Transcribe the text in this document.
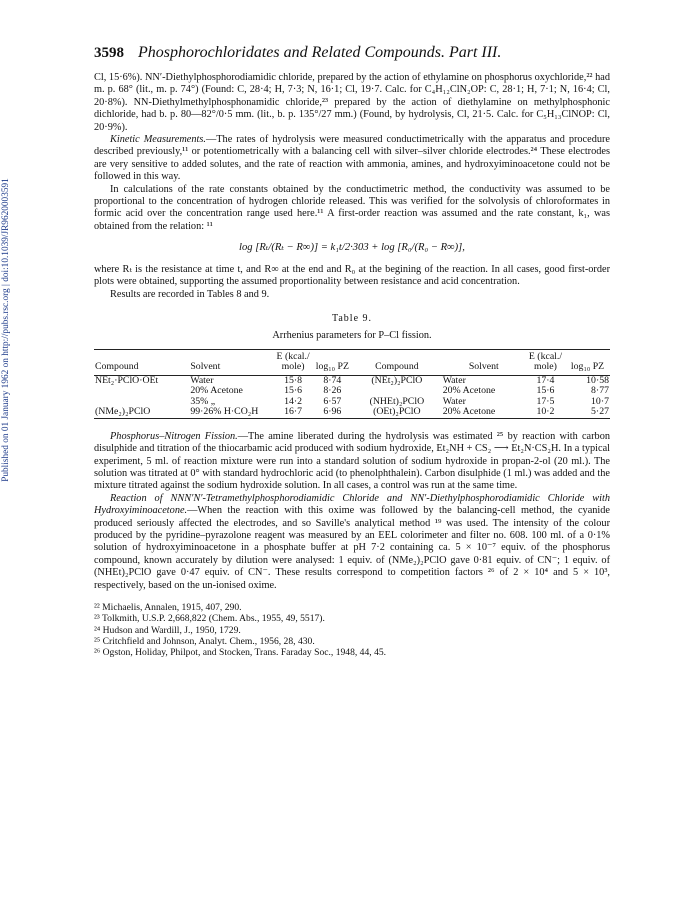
Published on 01 January 1962 on http://pubs.rsc.org | doi:10.1039/JR9620003591
3598 Phosphorochloridates and Related Compounds. Part III.

Cl, 15·6%). NN′-Diethylphosphorodiamidic chloride, prepared by the action of ethylamine on phosphorus oxychloride,²² had m. p. 68° (lit., m. p. 74°) (Found: C, 28·4; H, 7·3; N, 16·1; Cl, 19·7. Calc. for C₄H₁₂ClN₂OP: C, 28·1; H, 7·1; N, 16·4; Cl, 20·8%). NN-Diethylmethylphosphonamidic chloride,²³ prepared by the action of diethylamine on methylphosphonic dichloride, had b. p. 80—82°/0·5 mm. (lit., b. p. 135°/27 mm.) (Found, by hydrolysis, Cl, 21·5. Calc. for C₅H₁₃ClNOP: Cl, 20·9%).

Kinetic Measurements.—The rates of hydrolysis were measured conductimetrically with the apparatus and procedure described previously,¹¹ or potentiometrically with a balancing cell with silver–silver chloride electrodes.²⁴ These electrodes are very sensitive to added solutes, and the rate of reaction with ammonia, amines, and hydroxyiminoacetone could not be followed in this way.

In calculations of the rate constants obtained by the conductimetric method, the conductivity was assumed to be proportional to the concentration of hydrogen chloride released. This was verified for the solvolysis of chloroformates in formic acid over the concentration range used here.¹¹ A first-order reaction was assumed and the rate constant, k₁, was obtained from the relation: ¹¹

log [Rₜ/(Rₜ − R∞)] = k₁t/2·303 + log [R₀/(R₀ − R∞)],

where Rₜ is the resistance at time t, and R∞ at the end and R₀ at the begining of the reaction. In all cases, good first-order plots were obtained, supporting the assumed proportionality between resistance and acid concentration.

Results are recorded in Tables 8 and 9.

Table 9.
Arrhenius parameters for P–Cl fission.
Compound	Solvent	E (kcal./ mole)	log₁₀ PZ	Compound	Solvent	E (kcal./ mole)	log₁₀ PZ

NEt₂·PClO·OEt	Water	15·8	8·74	(NEt₂)₂PClO	Water	17·4	10·58
	20% Acetone	15·6	8·26		20% Acetone	15·6	8·77
	35% „	14·2	6·57	(NHEt)₂PClO	Water	17·5	10·7
(NMe₂)₂PClO	99·26% H·CO₂H	16·7	6·96	(OEt)₂PClO	20% Acetone	10·2	5·27

Phosphorus–Nitrogen Fission.—The amine liberated during the hydrolysis was estimated ²⁵ by reaction with carbon disulphide and titration of the thiocarbamic acid produced with sodium hydroxide, Et₂NH + CS₂ ⟶ Et₂N·CS₂H. In a typical experiment, 5 ml. of reaction mixture were run into a standard solution of sodium hydroxide in propan-2-ol (20 ml.). The solution was titrated at 0° with standard hydrochloric acid (to phenolphthalein). Carbon disulphide (1 ml.) was added and the mixture titrated against the sodium hydroxide solution. In all cases, a control was run at the same time.

Reaction of NNN′N′-Tetramethylphosphorodiamidic Chloride and NN′-Diethylphosphorodiamidic Chloride with Hydroxyiminoacetone.—When the reaction with this oxime was followed by the balancing-cell method, the cyanide produced seriously affected the electrodes, and so Saville's analytical method ¹⁹ was used. The intensity of the colour produced by the pyridine–pyrazolone reagent was measured by an EEL colorimeter and filter no. 608. 100 ml. of a 0·1% solution of hydroxyiminoacetone in a phosphate buffer at pH 7·2 containing ca. 5 × 10⁻⁷ equiv. of the phosphorus compound, known accurately by dilution were analysed: 1 equiv. of (NMe₂)₂PClO gave 0·81 equiv. of CN⁻; 1 equiv. of (NHEt)₂PClO gave 0·47 equiv. of CN⁻. These results correspond to competition factors ²⁶ of 2 × 10⁴ and 5 × 10³, respectively, based on the un-ionised oxime.

²² Michaelis, Annalen, 1915, 407, 290.
²³ Tolkmith, U.S.P. 2,668,822 (Chem. Abs., 1955, 49, 5517).
²⁴ Hudson and Wardill, J., 1950, 1729.
²⁵ Critchfield and Johnson, Analyt. Chem., 1956, 28, 430.
²⁶ Ogston, Holiday, Philpot, and Stocken, Trans. Faraday Soc., 1948, 44, 45.
